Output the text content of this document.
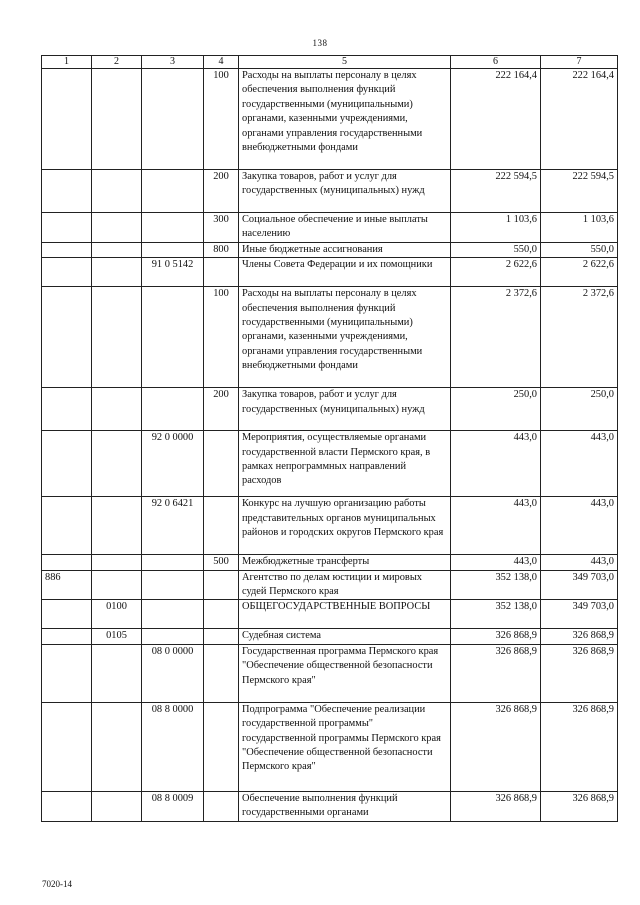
138
1	2	3	4	5	6	7
			100	Расходы на выплаты персоналу в целях обеспечения выполнения функций государственными (муниципальными) органами, казенными учреждениями, органами управления государственными внебюджетными фондами	222 164,4	222 164,4
			200	Закупка товаров, работ и услуг для государственных (муниципальных) нужд	222 594,5	222 594,5
			300	Социальное обеспечение и иные выплаты населению	1 103,6	1 103,6
			800	Иные бюджетные ассигнования	550,0	550,0
		91 0 5142		Члены Совета Федерации и их помощники	2 622,6	2 622,6
			100	Расходы на выплаты персоналу в целях обеспечения выполнения функций государственными (муниципальными) органами, казенными учреждениями, органами управления государственными внебюджетными фондами	2 372,6	2 372,6
			200	Закупка товаров, работ и услуг для государственных (муниципальных) нужд	250,0	250,0
		92 0 0000		Мероприятия, осуществляемые органами государственной власти Пермского края, в рамках непрограммных направлений расходов	443,0	443,0
		92 0 6421		Конкурс на лучшую организацию работы представительных органов муниципальных районов и городских округов Пермского края	443,0	443,0
			500	Межбюджетные трансферты	443,0	443,0
886				Агентство по делам юстиции и мировых судей Пермского края	352 138,0	349 703,0
	0100			ОБЩЕГОСУДАРСТВЕННЫЕ ВОПРОСЫ	352 138,0	349 703,0
	0105			Судебная система	326 868,9	326 868,9
		08 0 0000		Государственная программа Пермского края "Обеспечение общественной безопасности Пермского края"	326 868,9	326 868,9
		08 8 0000		Подпрограмма "Обеспечение реализации государственной программы" государственной программы Пермского края "Обеспечение общественной безопасности Пермского края"	326 868,9	326 868,9
		08 8 0009		Обеспечение выполнения функций государственными органами	326 868,9	326 868,9
7020-14
